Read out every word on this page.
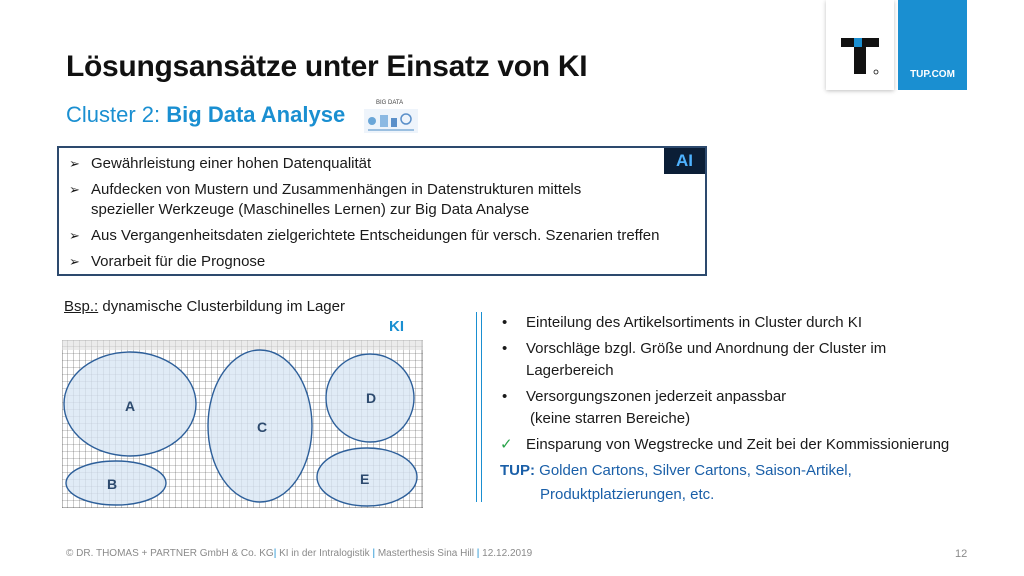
TUP.COM
Lösungsansätze unter Einsatz von KI
Cluster 2: Big Data Analyse	BIG DATA
➢ Gewährleistung einer hohen Datenqualität
➢ Aufdecken von Mustern und Zusammenhängen in Datenstrukturen mittels
spezieller Werkzeuge (Maschinelles Lernen) zur Big Data Analyse
➢ Aus Vergangenheitsdaten zielgerichtete Entscheidungen für versch. Szenarien treffen
➢ Vorarbeit für die Prognose
AI
Bsp.: dynamische Clusterbildung im Lager
KI
A
B
C
D
E
• Einteilung des Artikelsortiments in Cluster durch KI
• Vorschläge bzgl. Größe und Anordnung der Cluster im
Lagerbereich
• Versorgungszonen jederzeit anpassbar
(keine starren Bereiche)
✓ Einsparung von Wegstrecke und Zeit bei der Kommissionierung
TUP: Golden Cartons, Silver Cartons, Saison-Artikel,
Produktplatzierungen, etc.
© DR. THOMAS + PARTNER GmbH & Co. KG| KI in der Intralogistik | Masterthesis Sina Hill | 12.12.2019	12
